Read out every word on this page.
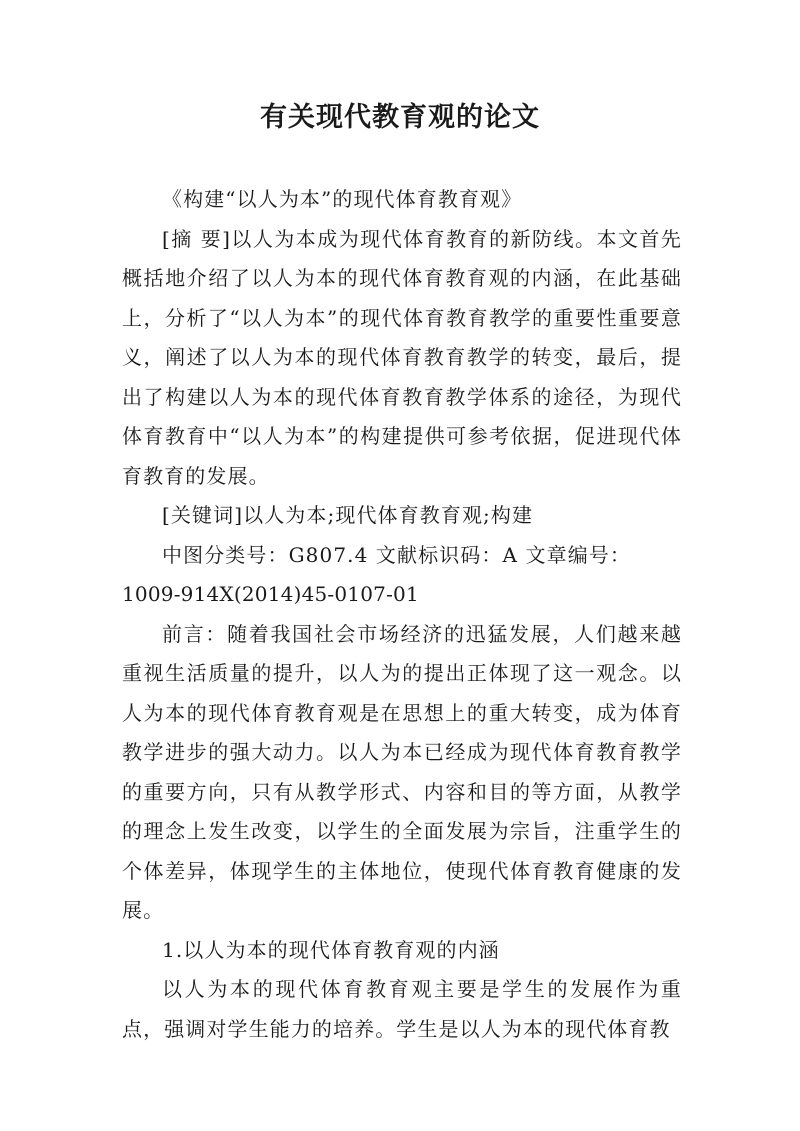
有关现代教育观的论文

《构建“以人为本”的现代体育教育观》

[摘 要]以人为本成为现代体育教育的新防线。本文首先概括地介绍了以人为本的现代体育教育观的内涵，在此基础上，分析了“以人为本”的现代体育教育教学的重要性重要意义，阐述了以人为本的现代体育教育教学的转变，最后，提出了构建以人为本的现代体育教育教学体系的途径，为现代体育教育中“以人为本”的构建提供可参考依据，促进现代体育教育的发展。

[关键词]以人为本;现代体育教育观;构建

中图分类号：G807.4 文献标识码：A 文章编号：

1009-914X(2014)45-0107-01

前言：随着我国社会市场经济的迅猛发展，人们越来越重视生活质量的提升，以人为的提出正体现了这一观念。以人为本的现代体育教育观是在思想上的重大转变，成为体育教学进步的强大动力。以人为本已经成为现代体育教育教学的重要方向，只有从教学形式、内容和目的等方面，从教学的理念上发生改变，以学生的全面发展为宗旨，注重学生的个体差异，体现学生的主体地位，使现代体育教育健康的发展。

1.以人为本的现代体育教育观的内涵

以人为本的现代体育教育观主要是学生的发展作为重点，强调对学生能力的培养。学生是以人为本的现代体育教
